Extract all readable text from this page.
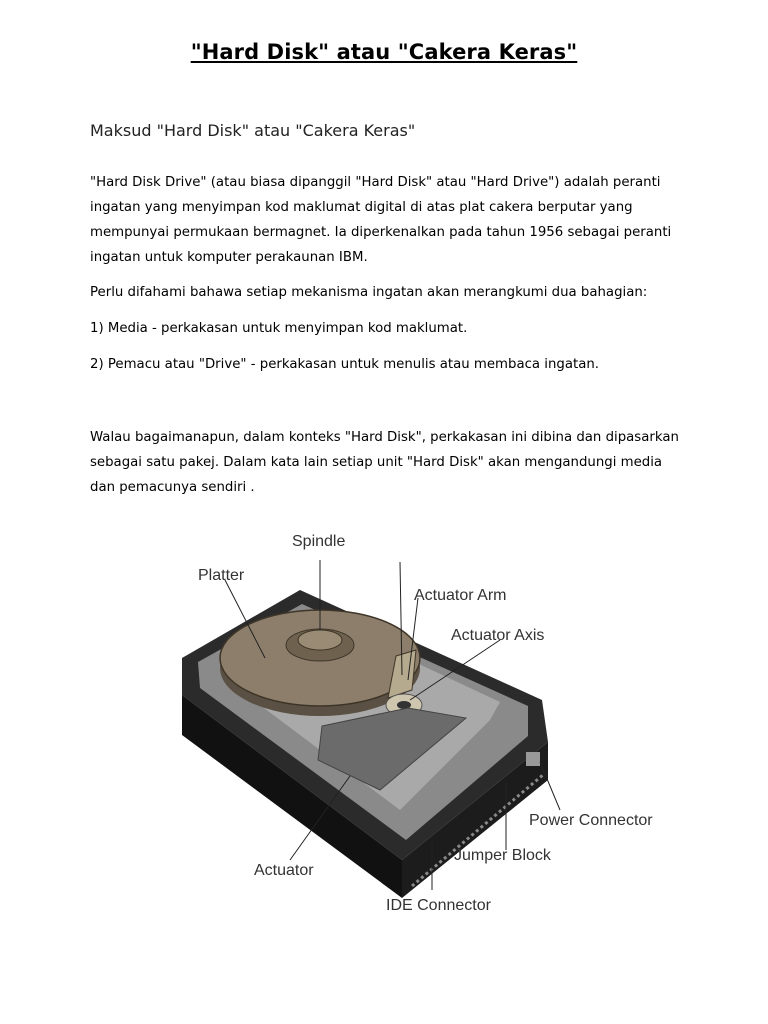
"Hard Disk" atau "Cakera Keras"
Maksud "Hard Disk" atau "Cakera Keras"

"Hard Disk Drive" (atau biasa dipanggil "Hard Disk" atau "Hard Drive") adalah peranti ingatan yang menyimpan kod maklumat digital di atas plat cakera berputar yang mempunyai permukaan bermagnet. Ia diperkenalkan pada tahun 1956 sebagai peranti ingatan untuk komputer perakaunan IBM.

Perlu difahami bahawa setiap mekanisma ingatan akan merangkumi dua bahagian:

1) Media - perkakasan untuk menyimpan kod maklumat.

2) Pemacu atau "Drive" - perkakasan untuk menulis atau membaca ingatan.

Walau bagaimanapun, dalam konteks "Hard Disk", perkakasan ini dibina dan dipasarkan sebagai satu pakej. Dalam kata lain setiap unit "Hard Disk" akan mengandungi media dan pemacunya sendiri .

Spindle
Platter
Actuator Arm
Actuator Axis
Power Connector
Jumper Block
Actuator
IDE Connector
